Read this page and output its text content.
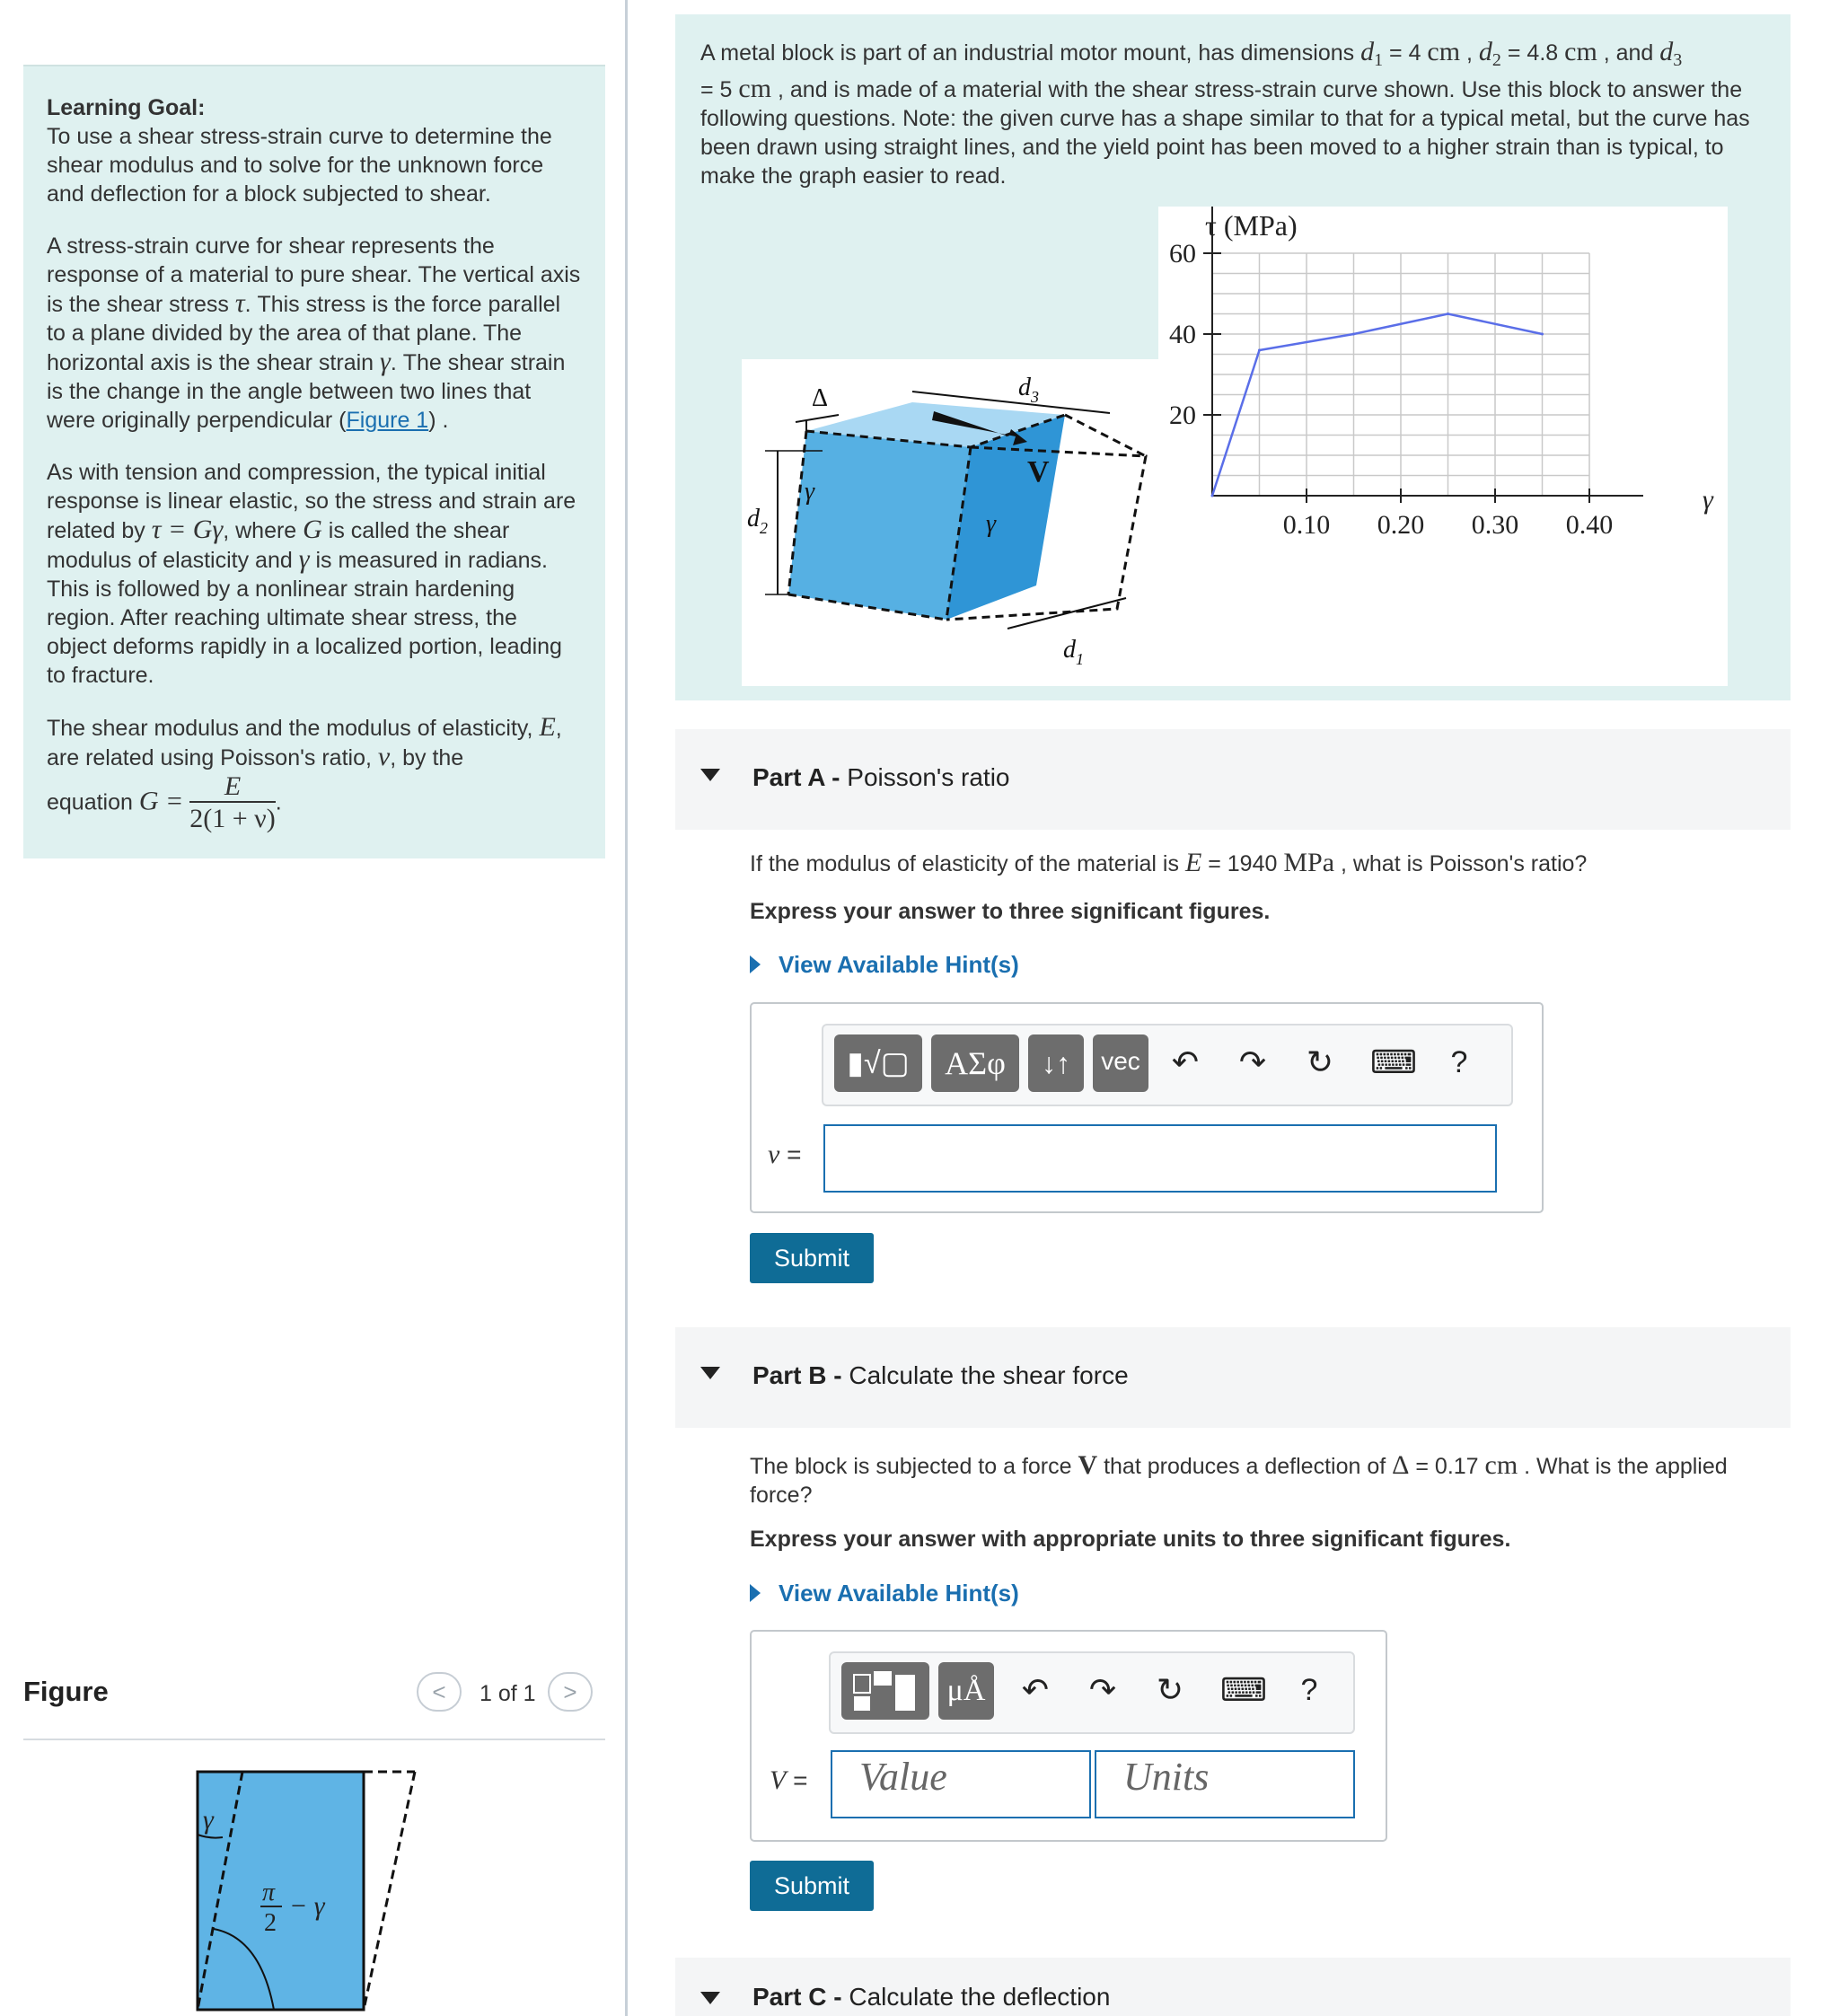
Learning Goal:
To use a shear stress-strain curve to determine the shear modulus and to solve for the unknown force and deflection for a block subjected to shear.

A stress-strain curve for shear represents the response of a material to pure shear. The vertical axis is the shear stress τ. This stress is the force parallel to a plane divided by the area of that plane. The horizontal axis is the shear strain γ. The shear strain is the change in the angle between two lines that were originally perpendicular (Figure 1) .

As with tension and compression, the typical initial response is linear elastic, so the stress and strain are related by τ = Gγ, where G is called the shear modulus of elasticity and γ is measured in radians. This is followed by a nonlinear strain hardening region. After reaching ultimate shear stress, the object deforms rapidly in a localized portion, leading to fracture.

The shear modulus and the modulus of elasticity, E, are related using Poisson's ratio, ν, by the
equation $G = \frac{E}{2(1 + \nu)}$ .

Figure	<	1 of 1	>
γ
π
2
− γ
A metal block is part of an industrial motor mount, has dimensions $d_1 = 4$ cm , $d_2 = 4.8$ cm , and $d_3$
= 5 cm , and is made of a material with the shear stress-strain curve shown. Use this block to answer the following questions. Note: the given curve has a shape similar to that for a typical metal, but the curve has been drawn using straight lines, and the yield point has been moved to a higher strain than is typical, to make the graph easier to read.
V
Δ	d 3
d 2
d 1
γ
γ	0.10 0.20 0.30 0.40
20
40
60
τ (MPa)
γ
Part A - Poisson's ratio
If the modulus of elasticity of the material is E = 1940 MPa , what is Poisson's ratio?
Express your answer to three significant figures.
View Available Hint(s)
▮√▢	ΑΣφ	↓↑	vec ↶ ↷ ↻ ⌨	?
ν =
Submit
Part B - Calculate the shear force
The block is subjected to a force V that produces a deflection of Δ = 0.17 cm . What is the applied force?
Express your answer with appropriate units to three significant figures.
View Available Hint(s)
μÅ ↶ ↷ ↻ ⌨	?
V = Value	Units
Submit
Part C - Calculate the deflection
